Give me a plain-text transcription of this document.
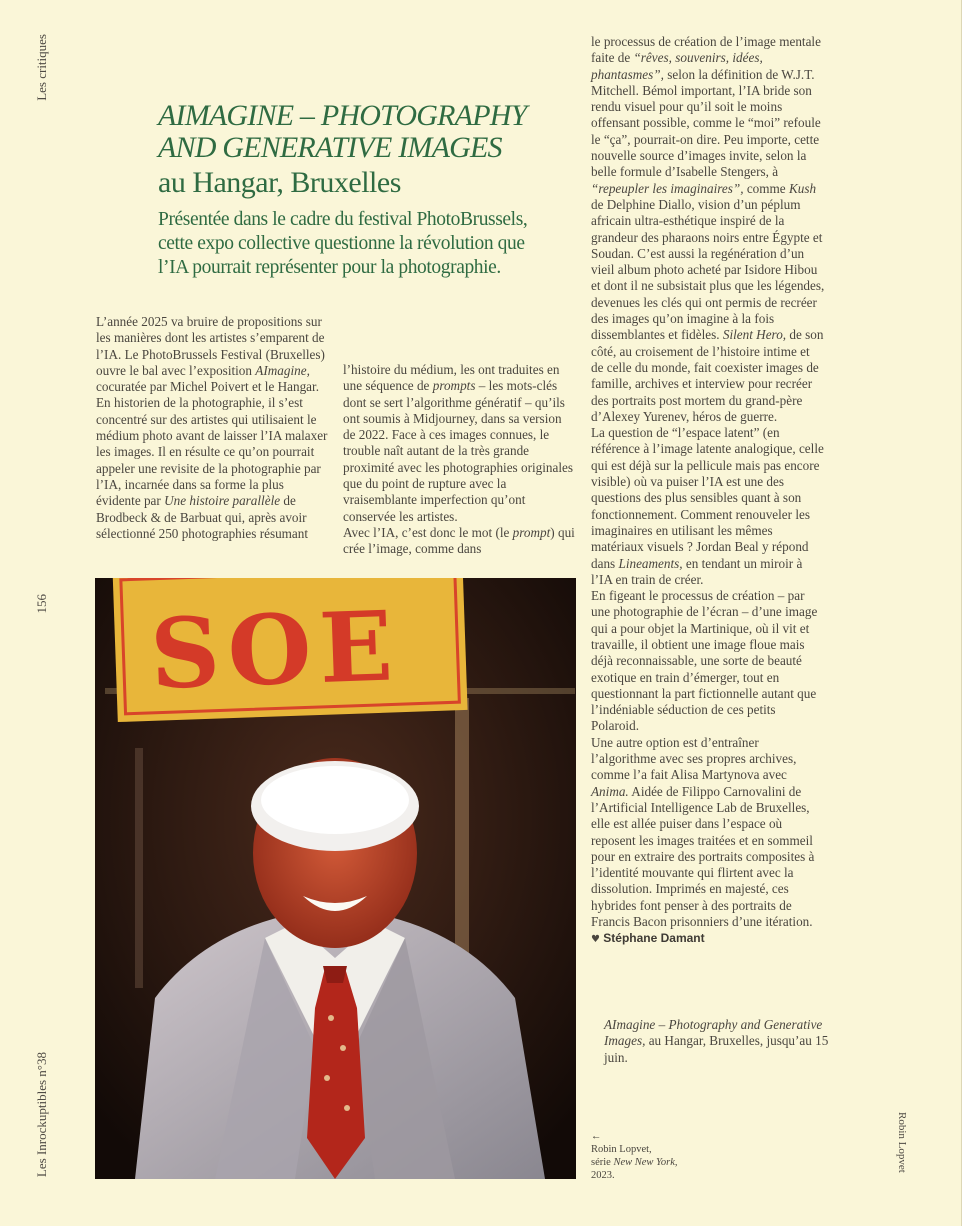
Les critiques
156
Les Inrockuptibles n°38	Robin Lopvet
AIMAGINE – PHOTOGRAPHY
AND GENERATIVE IMAGES
au Hangar, Bruxelles
Présentée dans le cadre du festival PhotoBrussels, cette expo collective questionne la révolution que l’IA pourrait représenter pour la photographie.

L’année 2025 va bruire de propositions sur les manières dont les artistes s’emparent de l’IA. Le PhotoBrussels Festival (Bruxelles) ouvre le bal avec l’exposition AImagine, cocuratée par Michel Poivert et le Hangar. En historien de la photographie, il s’est concentré sur des artistes qui utilisaient le médium photo avant de laisser l’IA malaxer les images. Il en résulte ce qu’on pourrait appeler une revisite de la photographie par l’IA, incarnée dans sa forme la plus évidente par Une histoire parallèle de Brodbeck & de Barbuat qui, après avoir sélectionné 250 photographies résumant

l’histoire du médium, les ont traduites en une séquence de prompts – les mots-clés dont se sert l’algorithme génératif – qu’ils ont soumis à Midjourney, dans sa version de 2022. Face à ces images connues, le trouble naît autant de la très grande proximité avec les photographies originales que du point de rupture avec la vraisemblante imperfection qu’ont conservée les artistes.

Avec l’IA, c’est donc le mot (le prompt) qui crée l’image, comme dans

le processus de création de l’image mentale faite de “rêves, souvenirs, idées, phantasmes”, selon la définition de W.J.T. Mitchell. Bémol important, l’IA bride son rendu visuel pour qu’il soit le moins offensant possible, comme le “moi” refoule le “ça”, pourrait-on dire. Peu importe, cette nouvelle source d’images invite, selon la belle formule d’Isabelle Stengers, à “repeupler les imaginaires”, comme Kush de Delphine Diallo, vision d’un péplum africain ultra-esthétique inspiré de la grandeur des pharaons noirs entre Égypte et Soudan. C’est aussi la regénération d’un vieil album photo acheté par Isidore Hibou et dont il ne subsistait plus que les légendes, devenues les clés qui ont permis de recréer des images qu’on imagine à la fois dissemblantes et fidèles. Silent Hero, de son côté, au croisement de l’histoire intime et de celle du monde, fait coexister images de famille, archives et interview pour recréer des portraits post mortem du grand-père d’Alexey Yurenev, héros de guerre.

La question de “l’espace latent” (en référence à l’image latente analogique, celle qui est déjà sur la pellicule mais pas encore visible) où va puiser l’IA est une des questions des plus sensibles quant à son fonctionnement. Comment renouveler les imaginaires en utilisant les mêmes matériaux visuels ? Jordan Beal y répond dans Lineaments, en tendant un miroir à l’IA en train de créer.

En figeant le processus de création – par une photographie de l’écran – d’une image qui a pour objet la Martinique, où il vit et travaille, il obtient une image floue mais déjà reconnaissable, une sorte de beauté exotique en train d’émerger, tout en questionnant la part fictionnelle autant que l’indéniable séduction de ces petits Polaroid.

Une autre option est d’entraîner l’algorithme avec ses propres archives, comme l’a fait Alisa Martynova avec Anima. Aidée de Filippo Carnovalini de l’Artificial Intelligence Lab de Bruxelles, elle est allée puiser dans l’espace où reposent les images traitées et en sommeil pour en extraire des portraits composites à l’identité mouvante qui flirtent avec la dissolution. Imprimés en majesté, ces hybrides font penser à des portraits de Francis Bacon prisonniers d’une itération.

♥ Stéphane Damant

AImagine – Photography and Generative Images, au Hangar, Bruxelles, jusqu’au 15 juin.
SOE

←

Robin Lopvet,

série New New York,

2023.
